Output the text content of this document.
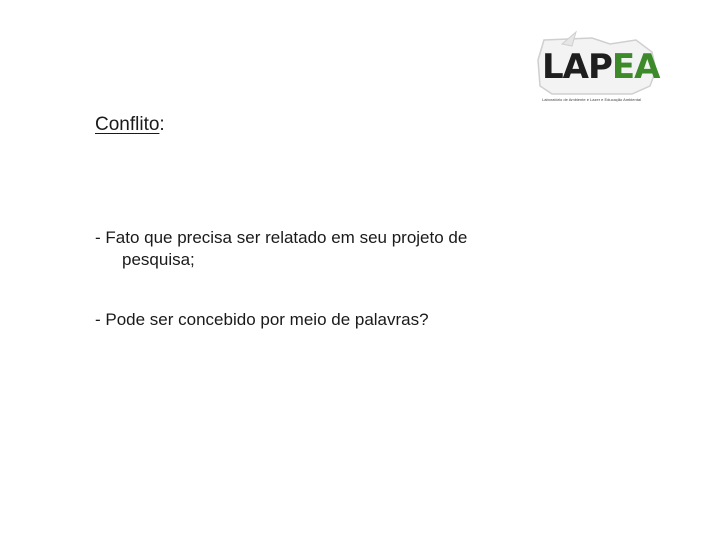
LAPEA
Laboratório de Ambiente e Lazer e Educação Ambiental
Conflito:

- Fato que precisa ser relatado em seu projeto de pesquisa;

- Pode ser concebido por meio de palavras?
